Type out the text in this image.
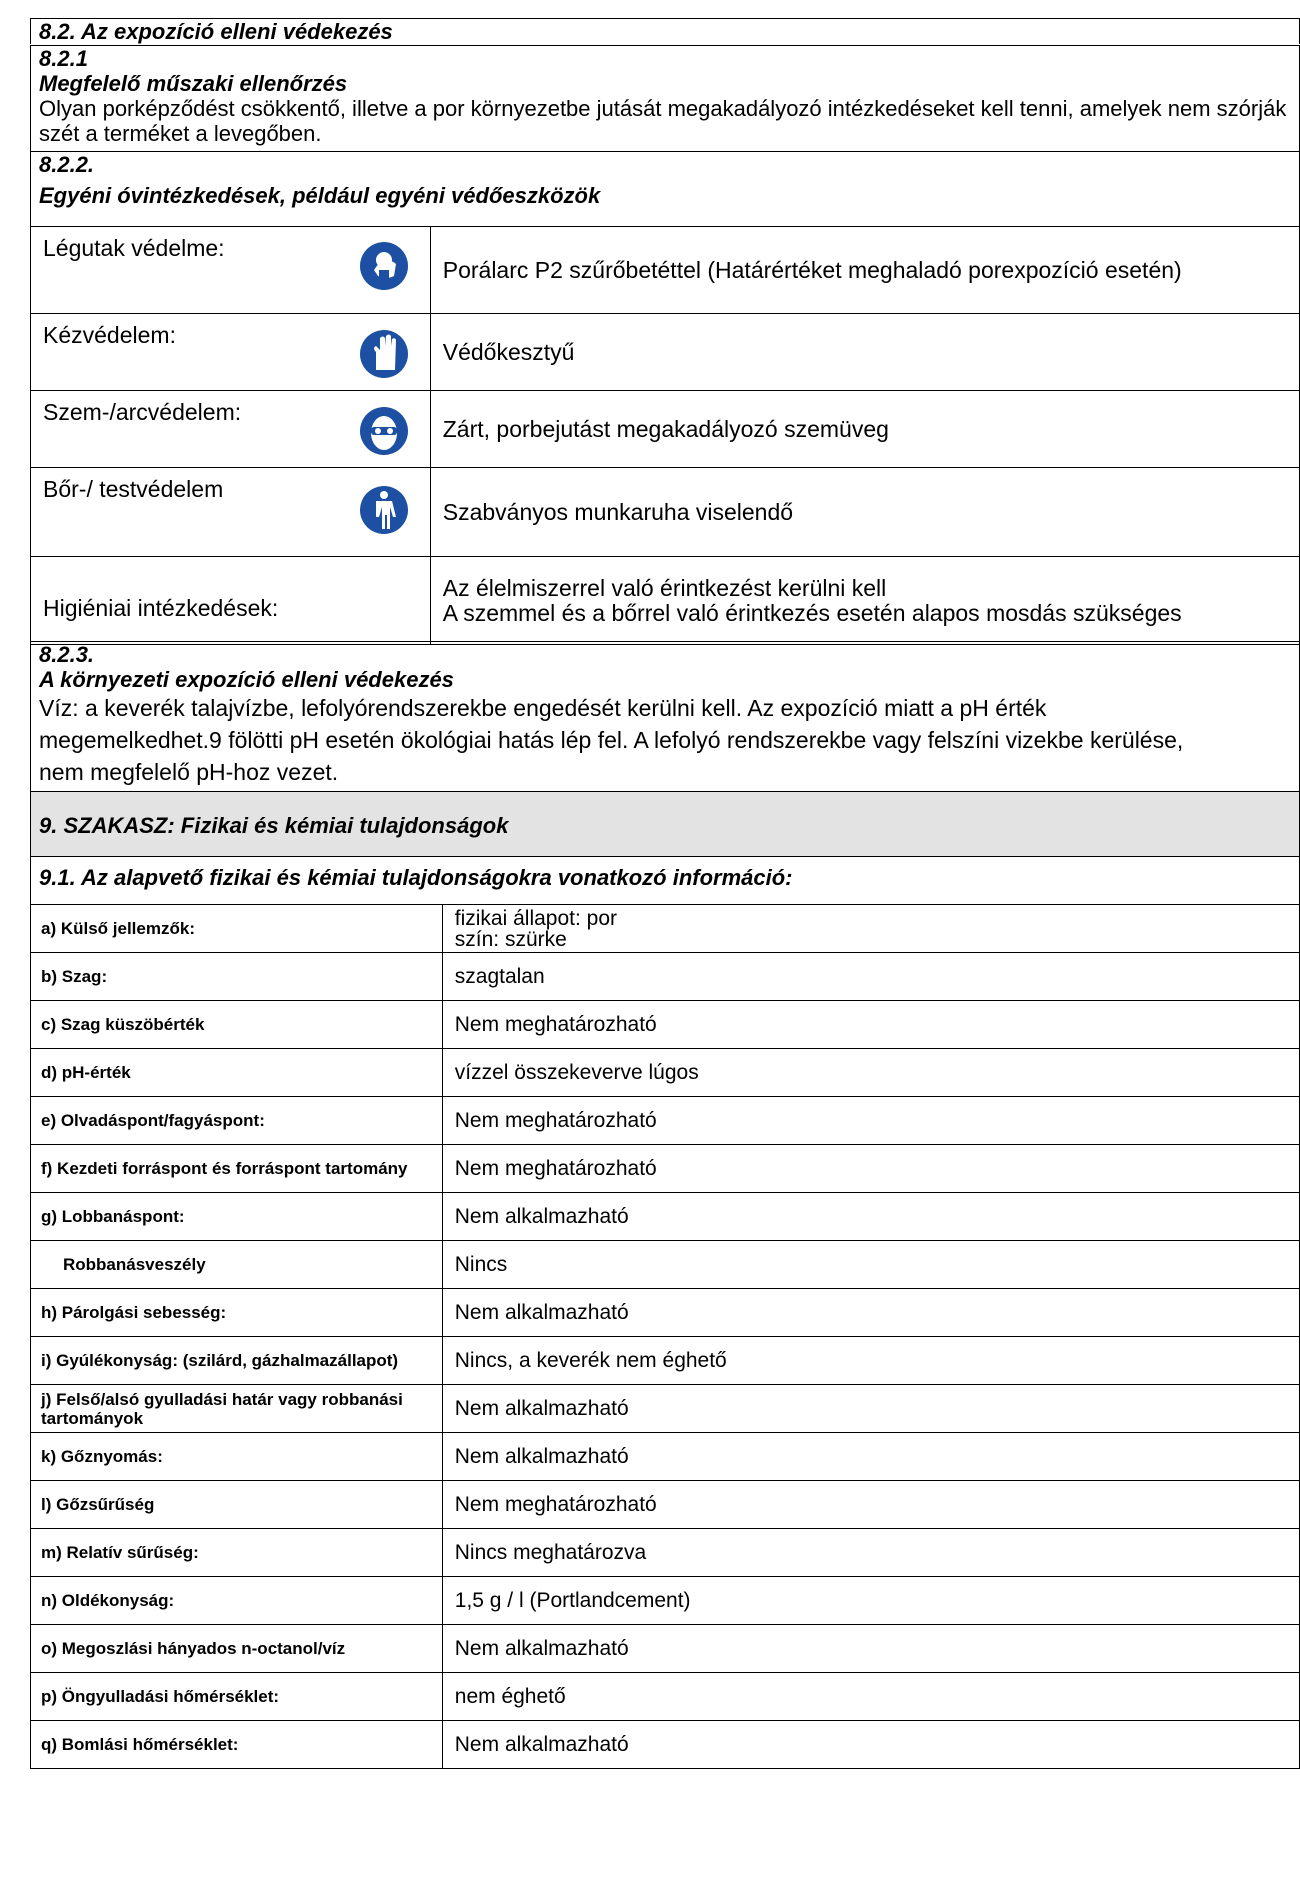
8.2. Az expozíció elleni védekezés
8.2.1
Megfelelő műszaki ellenőrzés
Olyan porképződést csökkentő, illetve a por környezetbe jutását megakadályozó intézkedéseket kell tenni, amelyek nem szórják szét a terméket a levegőben.
8.2.2.
Egyéni óvintézkedések, például egyéni védőeszközök
Légutak védelme:	Porálarc P2 szűrőbetéttel (Határértéket meghaladó porexpozíció esetén)

Kézvédelem:	Védőkesztyű

Szem-/arcvédelem:	Zárt, porbejutást megakadályozó szemüveg

Bőr-/ testvédelem	Szabványos munkaruha viselendő
Higiéniai intézkedések:	Az élelmiszerrel való érintkezést kerülni kell
A szemmel és a bőrrel való érintkezés esetén alapos mosdás szükséges
8.2.3.
A környezeti expozíció elleni védekezés
Víz: a keverék talajvízbe, lefolyórendszerekbe engedését kerülni kell. Az expozíció miatt a pH érték megemelkedhet.9 fölötti pH esetén ökológiai hatás lép fel. A lefolyó rendszerekbe vagy felszíni vizekbe kerülése, nem megfelelő pH-hoz vezet.
9. SZAKASZ: Fizikai és kémiai tulajdonságok
9.1. Az alapvető fizikai és kémiai tulajdonságokra vonatkozó információ:
a) Külső jellemzők:	fizikai állapot: por
szín: szürke

b) Szag:	szagtalan
c) Szag küszöbérték	Nem meghatározható
d) pH-érték	vízzel összekeverve lúgos
e) Olvadáspont/fagyáspont:	Nem meghatározható
f) Kezdeti forráspont és forráspont tartomány	Nem meghatározható
g) Lobbanáspont:	Nem alkalmazható
Robbanásveszély	Nincs
h) Párolgási sebesség:	Nem alkalmazható
i) Gyúlékonyság: (szilárd, gázhalmazállapot)	Nincs, a keverék nem éghető
j) Felső/alsó gyulladási határ vagy robbanási tartományok	Nem alkalmazható
k) Gőznyomás:	Nem alkalmazható
l) Gőzsűrűség	Nem meghatározható
m) Relatív sűrűség:	Nincs meghatározva
n) Oldékonyság:	1,5 g / l (Portlandcement)
o) Megoszlási hányados n-octanol/víz	Nem alkalmazható
p) Öngyulladási hőmérséklet:	nem éghető
q) Bomlási hőmérséklet:	Nem alkalmazható
